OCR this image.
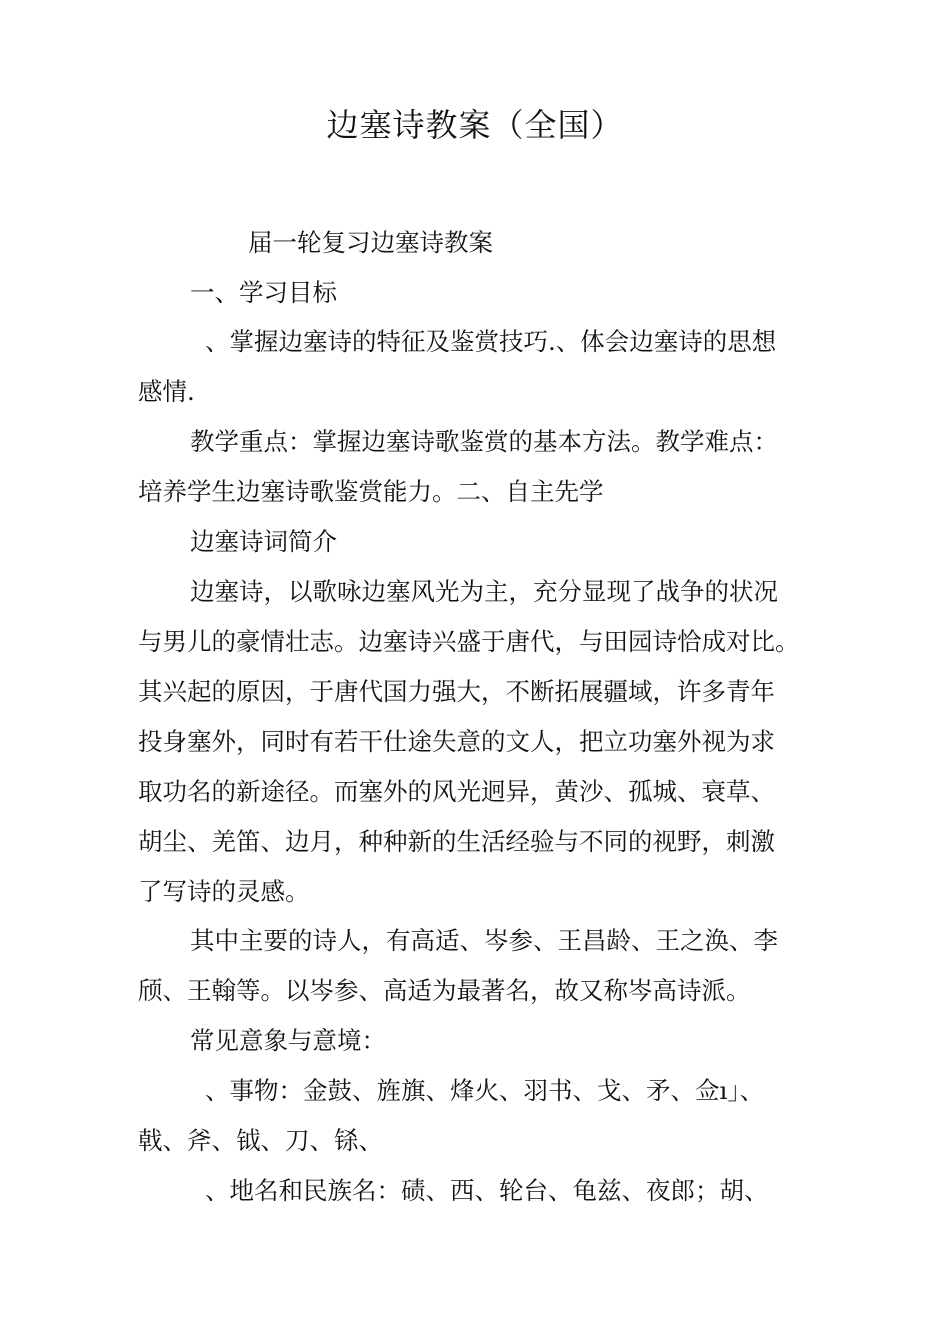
边塞诗教案（全国）
届一轮复习边塞诗教案
一、学习目标
、掌握边塞诗的特征及鉴赏技巧.、体会边塞诗的思想
感情.
教学重点：掌握边塞诗歌鉴赏的基本方法。教学难点：
培养学生边塞诗歌鉴赏能力。二、自主先学
边塞诗词简介
边塞诗，以歌咏边塞风光为主，充分显现了战争的状况
与男儿的豪情壮志。边塞诗兴盛于唐代，与田园诗恰成对比。
其兴起的原因，于唐代国力强大，不断拓展疆域，许多青年
投身塞外，同时有若干仕途失意的文人，把立功塞外视为求
取功名的新途径。而塞外的风光迥异，黄沙、孤城、衰草、
胡尘、羌笛、边月，种种新的生活经验与不同的视野，刺激
了写诗的灵感。
其中主要的诗人，有高适、岑参、王昌龄、王之涣、李
颀、王翰等。以岑参、高适为最著名，故又称岑高诗派。
常见意象与意境：
、事物：金鼓、旌旗、烽火、羽书、戈、矛、佥ı」、
戟、斧、钺、刀、铩、
、地名和民族名：碛、西、轮台、龟兹、夜郎；胡、
